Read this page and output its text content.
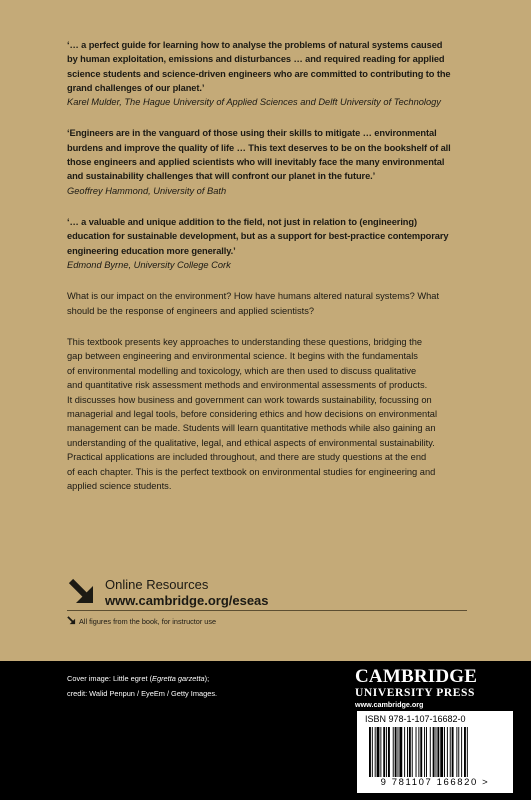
‘… a perfect guide for learning how to analyse the problems of natural systems caused

by human exploitation, emissions and disturbances … and required reading for applied

science students and science-driven engineers who are committed to contributing to the

grand challenges of our planet.’

Karel Mulder, The Hague University of Applied Sciences and Delft University of Technology

‘Engineers are in the vanguard of those using their skills to mitigate … environmental

burdens and improve the quality of life … This text deserves to be on the bookshelf of all

those engineers and applied scientists who will inevitably face the many environmental

and sustainability challenges that will confront our planet in the future.’

Geoffrey Hammond, University of Bath

‘… a valuable and unique addition to the field, not just in relation to (engineering)

education for sustainable development, but as a support for best-practice contemporary

engineering education more generally.’

Edmond Byrne, University College Cork

What is our impact on the environment? How have humans altered natural systems? What

should be the response of engineers and applied scientists?

This textbook presents key approaches to understanding these questions, bridging the

gap between engineering and environmental science. It begins with the fundamentals

of environmental modelling and toxicology, which are then used to discuss qualitative

and quantitative risk assessment methods and environmental assessments of products.

It discusses how business and government can work towards sustainability, focussing on

managerial and legal tools, before considering ethics and how decisions on environmental

management can be made. Students will learn quantitative methods while also gaining an

understanding of the qualitative, legal, and ethical aspects of environmental sustainability.

Practical applications are included throughout, and there are study questions at the end

of each chapter. This is the perfect textbook on environmental studies for engineering and

applied science students.

Online Resources
www.cambridge.org/eseas
All figures from the book, for instructor use
Cover image: Little egret (Egretta garzetta);
credit: Walid Penpun / EyeEm / Getty Images.
CAMBRIDGE
UNIVERSITY PRESS
www.cambridge.org
ISBN 978-1-107-16682-0
9 781107 166820 >
